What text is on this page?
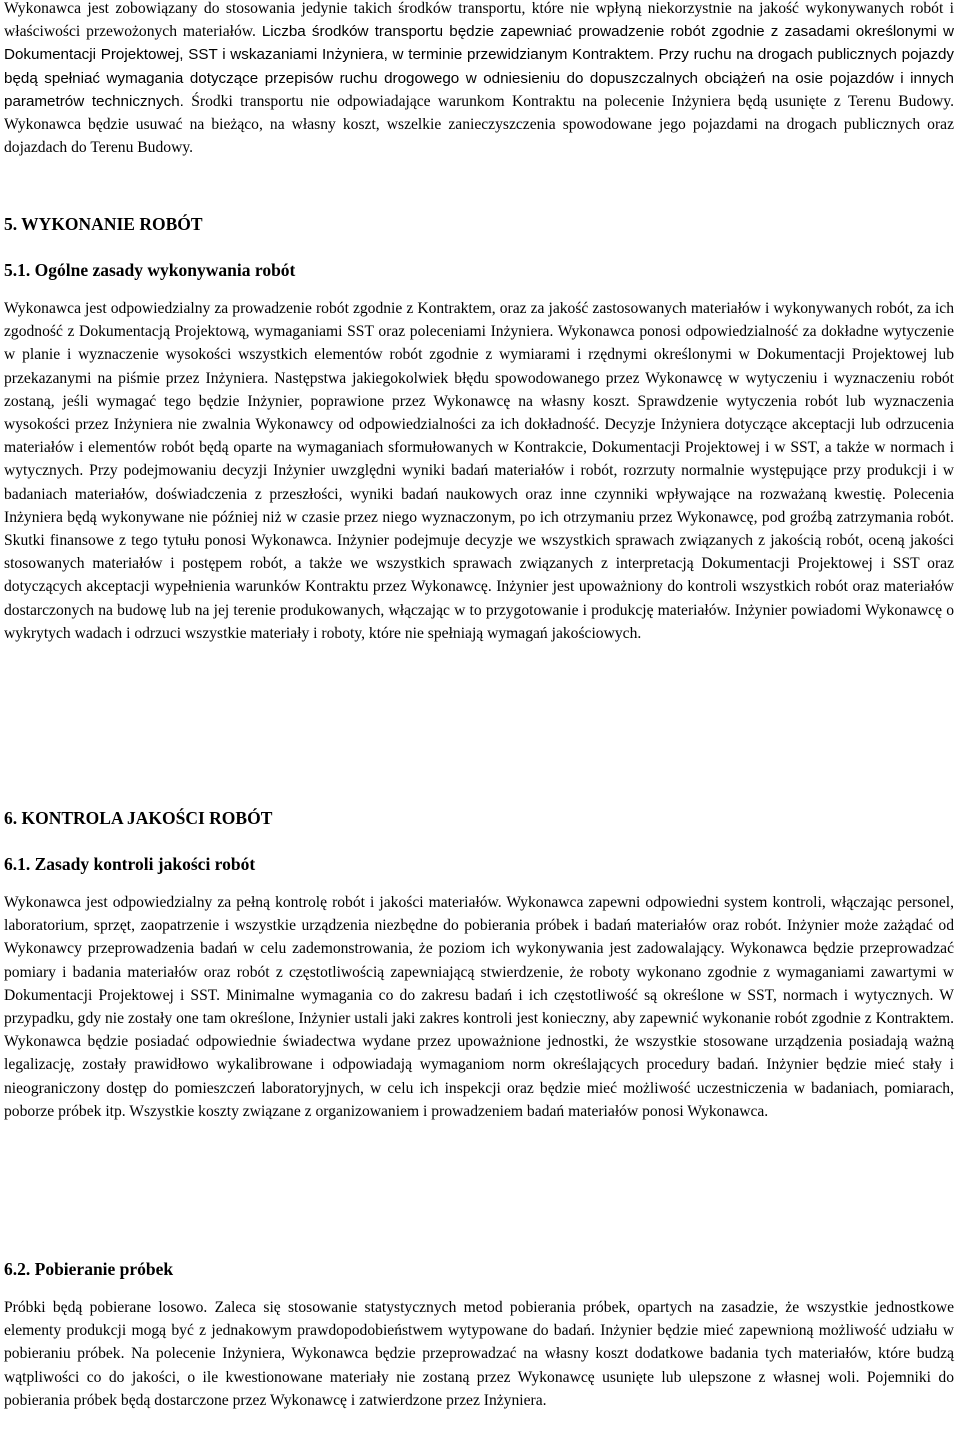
Wykonawca jest zobowiązany do stosowania jedynie takich środków transportu, które nie wpłyną niekorzystnie na jakość wykonywanych robót i właściwości przewożonych materiałów. Liczba środków transportu będzie zapewniać prowadzenie robót zgodnie z zasadami określonymi w Dokumentacji Projektowej, SST i wskazaniami Inżyniera, w terminie przewidzianym Kontraktem. Przy ruchu na drogach publicznych pojazdy będą spełniać wymagania dotyczące przepisów ruchu drogowego w odniesieniu do dopuszczalnych obciążeń na osie pojazdów i innych parametrów technicznych. Środki transportu nie odpowiadające warunkom Kontraktu na polecenie Inżyniera będą usunięte z Terenu Budowy. Wykonawca będzie usuwać na bieżąco, na własny koszt, wszelkie zanieczyszczenia spowodowane jego pojazdami na drogach publicznych oraz dojazdach do Terenu Budowy.

5. WYKONANIE ROBÓT
5.1. Ogólne zasady wykonywania robót

Wykonawca jest odpowiedzialny za prowadzenie robót zgodnie z Kontraktem, oraz za jakość zastosowanych materiałów i wykonywanych robót, za ich zgodność z Dokumentacją Projektową, wymaganiami SST oraz poleceniami Inżyniera. Wykonawca ponosi odpowiedzialność za dokładne wytyczenie w planie i wyznaczenie wysokości wszystkich elementów robót zgodnie z wymiarami i rzędnymi określonymi w Dokumentacji Projektowej lub przekazanymi na piśmie przez Inżyniera. Następstwa jakiegokolwiek błędu spowodowanego przez Wykonawcę w wytyczeniu i wyznaczeniu robót zostaną, jeśli wymagać tego będzie Inżynier, poprawione przez Wykonawcę na własny koszt. Sprawdzenie wytyczenia robót lub wyznaczenia wysokości przez Inżyniera nie zwalnia Wykonawcy od odpowiedzialności za ich dokładność. Decyzje Inżyniera dotyczące akceptacji lub odrzucenia materiałów i elementów robót będą oparte na wymaganiach sformułowanych w Kontrakcie, Dokumentacji Projektowej i w SST, a także w normach i wytycznych. Przy podejmowaniu decyzji Inżynier uwzględni wyniki badań materiałów i robót, rozrzuty normalnie występujące przy produkcji i w badaniach materiałów, doświadczenia z przeszłości, wyniki badań naukowych oraz inne czynniki wpływające na rozważaną kwestię. Polecenia Inżyniera będą wykonywane nie później niż w czasie przez niego wyznaczonym, po ich otrzymaniu przez Wykonawcę, pod groźbą zatrzymania robót. Skutki finansowe z tego tytułu ponosi Wykonawca. Inżynier podejmuje decyzje we wszystkich sprawach związanych z jakością robót, oceną jakości stosowanych materiałów i postępem robót, a także we wszystkich sprawach związanych z interpretacją Dokumentacji Projektowej i SST oraz dotyczących akceptacji wypełnienia warunków Kontraktu przez Wykonawcę. Inżynier jest upoważniony do kontroli wszystkich robót oraz materiałów dostarczonych na budowę lub na jej terenie produkowanych, włączając w to przygotowanie i produkcję materiałów. Inżynier powiadomi Wykonawcę o wykrytych wadach i odrzuci wszystkie materiały i roboty, które nie spełniają wymagań jakościowych.

6. KONTROLA JAKOŚCI ROBÓT
6.1. Zasady kontroli jakości robót

Wykonawca jest odpowiedzialny za pełną kontrolę robót i jakości materiałów. Wykonawca zapewni odpowiedni system kontroli, włączając personel, laboratorium, sprzęt, zaopatrzenie i wszystkie urządzenia niezbędne do pobierania próbek i badań materiałów oraz robót. Inżynier może zażądać od Wykonawcy przeprowadzenia badań w celu zademonstrowania, że poziom ich wykonywania jest zadowalający. Wykonawca będzie przeprowadzać pomiary i badania materiałów oraz robót z częstotliwością zapewniającą stwierdzenie, że roboty wykonano zgodnie z wymaganiami zawartymi w Dokumentacji Projektowej i SST. Minimalne wymagania co do zakresu badań i ich częstotliwość są określone w SST, normach i wytycznych. W przypadku, gdy nie zostały one tam określone, Inżynier ustali jaki zakres kontroli jest konieczny, aby zapewnić wykonanie robót zgodnie z Kontraktem. Wykonawca będzie posiadać odpowiednie świadectwa wydane przez upoważnione jednostki, że wszystkie stosowane urządzenia posiadają ważną legalizację, zostały prawidłowo wykalibrowane i odpowiadają wymaganiom norm określających procedury badań. Inżynier będzie mieć stały i nieograniczony dostęp do pomieszczeń laboratoryjnych, w celu ich inspekcji oraz będzie mieć możliwość uczestniczenia w badaniach, pomiarach, poborze próbek itp. Wszystkie koszty związane z organizowaniem i prowadzeniem badań materiałów ponosi Wykonawca.

6.2. Pobieranie próbek

Próbki będą pobierane losowo. Zaleca się stosowanie statystycznych metod pobierania próbek, opartych na zasadzie, że wszystkie jednostkowe elementy produkcji mogą być z jednakowym prawdopodobieństwem wytypowane do badań. Inżynier będzie mieć zapewnioną możliwość udziału w pobieraniu próbek. Na polecenie Inżyniera, Wykonawca będzie przeprowadzać na własny koszt dodatkowe badania tych materiałów, które budzą wątpliwości co do jakości, o ile kwestionowane materiały nie zostaną przez Wykonawcę usunięte lub ulepszone z własnej woli. Pojemniki do pobierania próbek będą dostarczone przez Wykonawcę i zatwierdzone przez Inżyniera.
